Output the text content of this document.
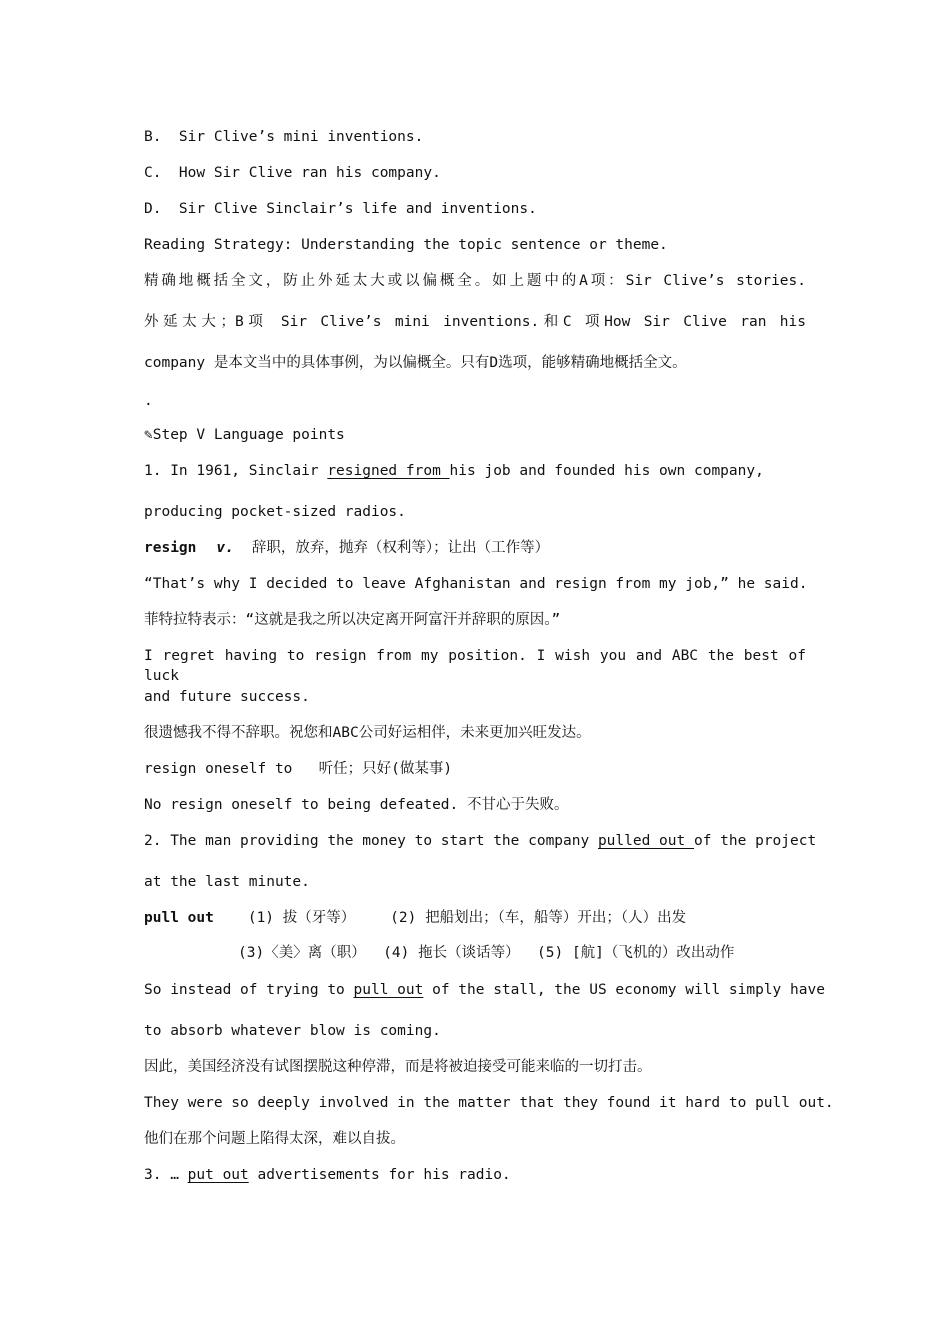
B.  Sir Clive’s mini inventions.
C.  How Sir Clive ran his company.
D.  Sir Clive Sinclair’s life and inventions.
Reading Strategy: Understanding the topic sentence or theme.
精确地概括全文，防止外延太大或以偏概全。如上题中的A项：Sir Clive’s stories.
外延太大；B项 Sir Clive’s mini inventions.和C 项How Sir Clive ran his
company 是本文当中的具体事例，为以偏概全。只有D选项，能够精确地概括全文。
.
✎Step V Language points
1. In 1961, Sinclair resigned from his job and founded his own company,
producing pocket-sized radios.
resign v. 辞职，放弃，抛弃（权利等）；让出（工作等）
“That’s why I decided to leave Afghanistan and resign from my job,” he said.
菲特拉特表示：“这就是我之所以决定离开阿富汗并辞职的原因。”
I regret having to resign from my position. I wish you and ABC the best of luck
and future success.
很遗憾我不得不辞职。祝您和ABC公司好运相伴，未来更加兴旺发达。
resign oneself to   听任；只好(做某事)
No resign oneself to being defeated. 不甘心于失败。
2. The man providing the money to start the company pulled out of the project
at the last minute.
pull out (1) 拔（牙等）    (2) 把船划出；（车，船等）开出；（人）出发
(3)〈美〉离（职）  (4) 拖长（谈话等）  (5) [航]（飞机的）改出动作
So instead of trying to pull out of the stall, the US economy will simply have
to absorb whatever blow is coming.
因此，美国经济没有试图摆脱这种停滞，而是将被迫接受可能来临的一切打击。
They were so deeply involved in the matter that they found it hard to pull out.
他们在那个问题上陷得太深，难以自拔。
3. … put out advertisements for his radio.
